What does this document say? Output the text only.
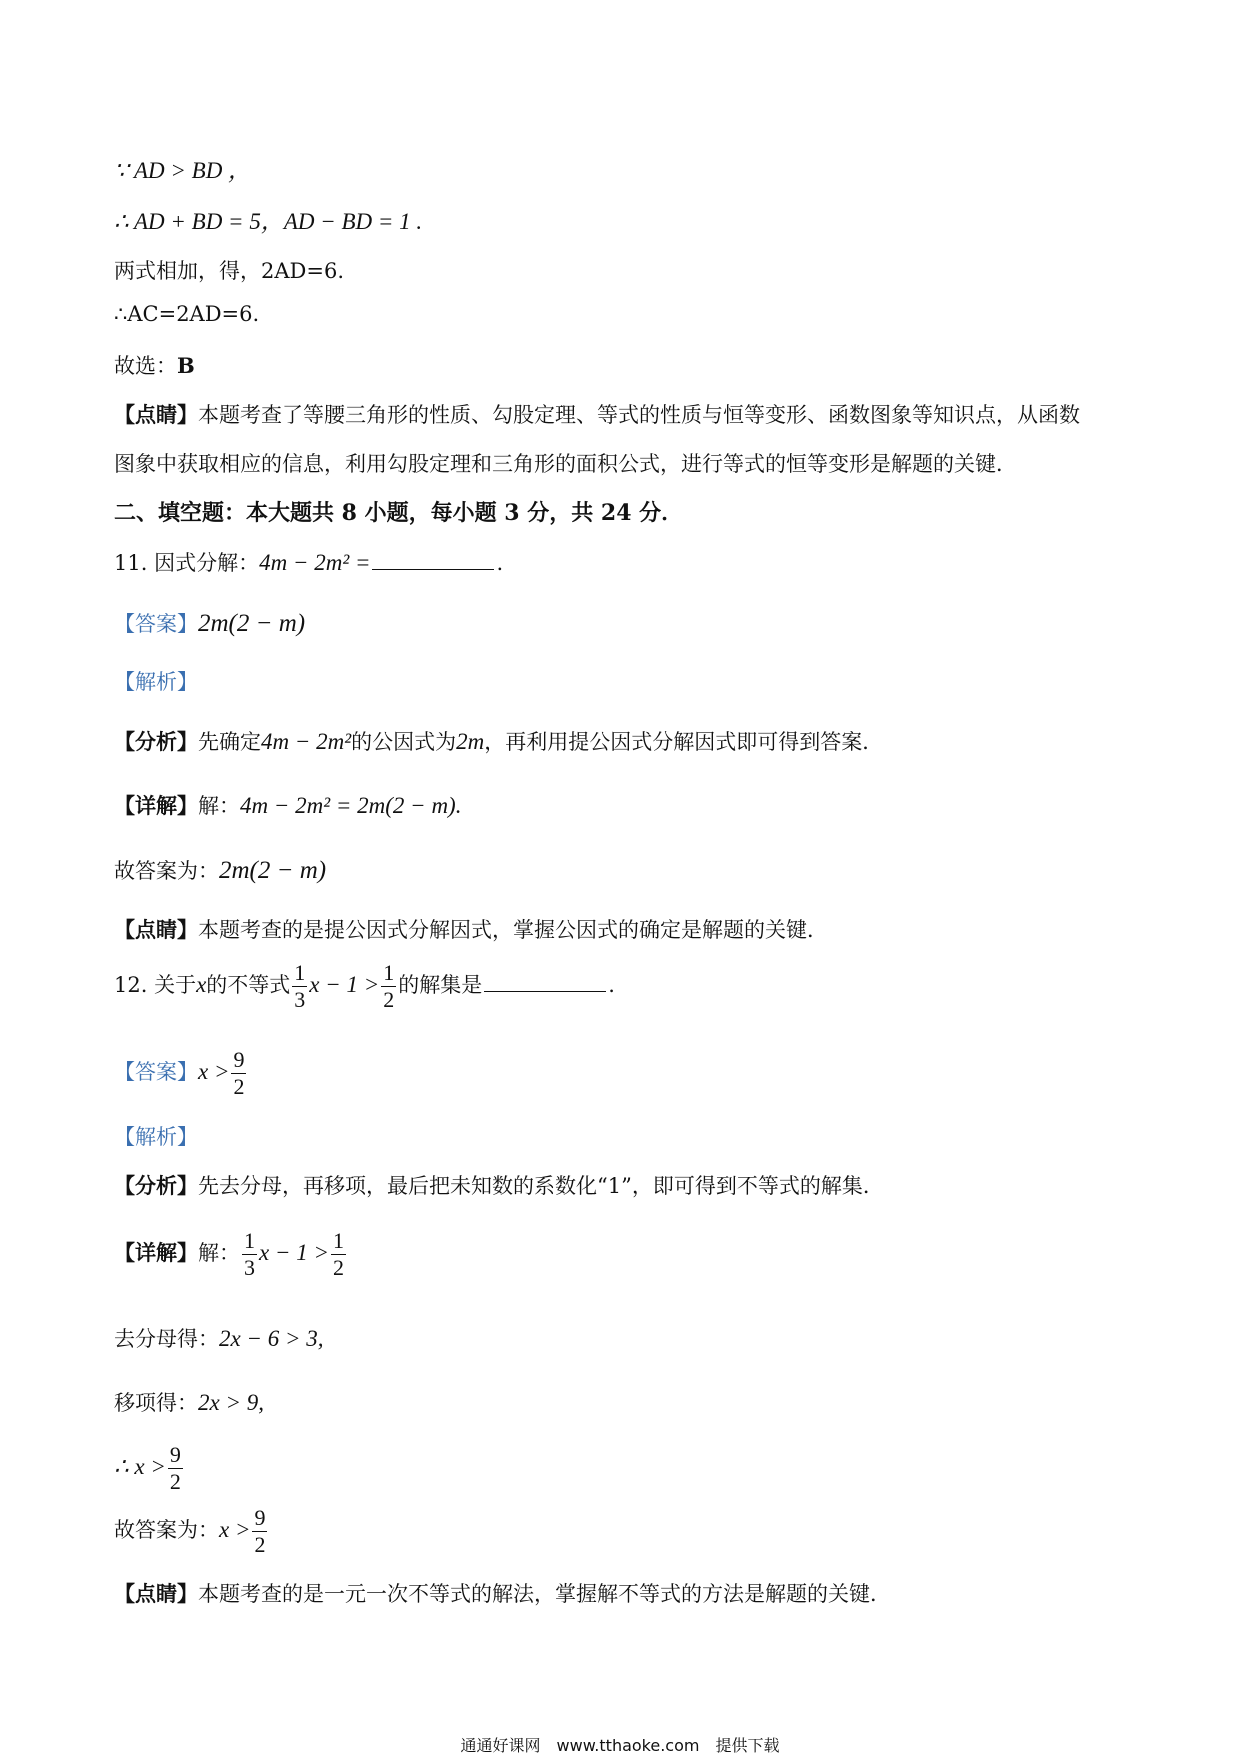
∵ AD > BD ，
∴ AD + BD = 5，AD − BD = 1 .
两式相加，得，2AD=6.
∴AC=2AD=6.
故选：B
【点睛】本题考查了等腰三角形的性质、勾股定理、等式的性质与恒等变形、函数图象等知识点，从函数
图象中获取相应的信息，利用勾股定理和三角形的面积公式，进行等式的恒等变形是解题的关键．
二、填空题：本大题共 8 小题，每小题 3 分，共 24 分．
11. 因式分解：4m − 2m² =	.
【答案】2m(2 − m)
【解析】
【分析】先确定4m − 2m²的公因式为2m，再利用提公因式分解因式即可得到答案．
【详解】解：4m − 2m² = 2m(2 − m).
故答案为：2m(2 − m)
【点睛】本题考查的是提公因式分解因式，掌握公因式的确定是解题的关键．
12. 关于x的不等式 $\frac{1}{3}$ $x - 1 > \frac{1}{2}$ 的解集是	.
【答案】$x > \frac{9}{2}$
【解析】
【分析】先去分母，再移项，最后把未知数的系数化“1”，即可得到不等式的解集．
【详解】解： $\frac{1}{3}$ $x - 1 > \frac{1}{2}$
去分母得：2x − 6 > 3,
移项得：2x > 9,
∴ $x > \frac{9}{2}$
故答案为：$x > \frac{9}{2}$
【点睛】本题考查的是一元一次不等式的解法，掌握解不等式的方法是解题的关键．
通通好课网　www.tthaoke.com　提供下载
